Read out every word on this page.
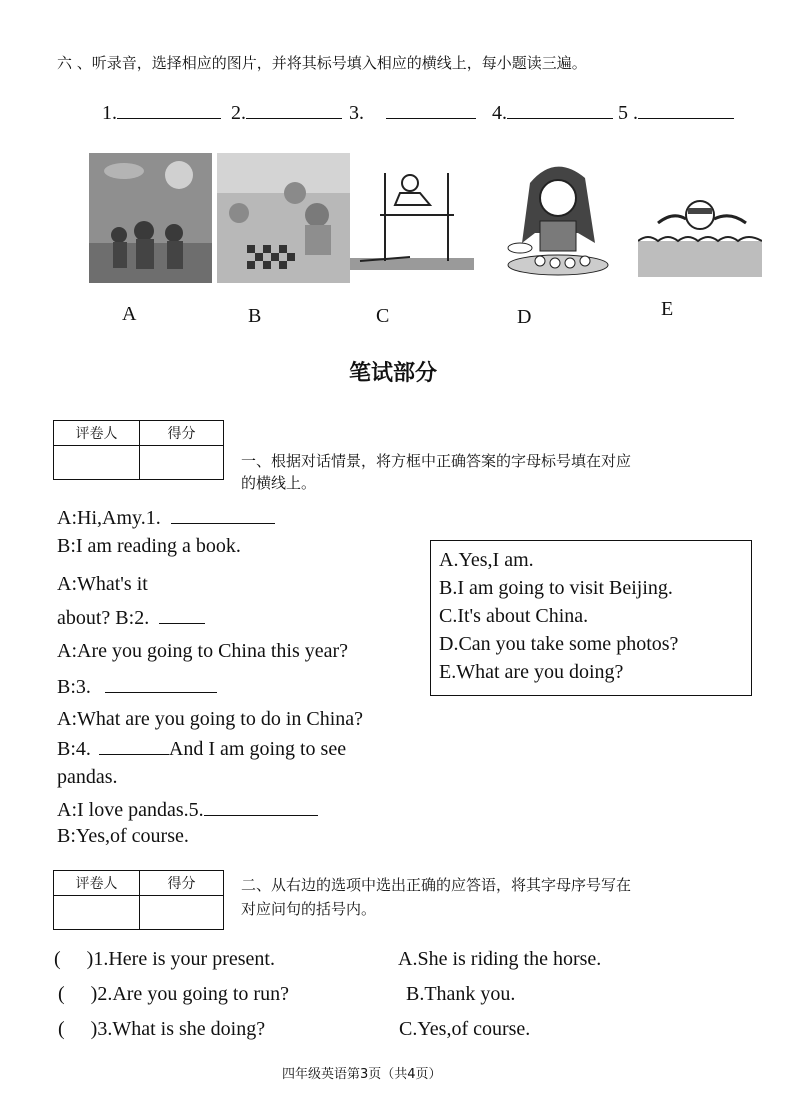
六 、听录音，选择相应的图片，并将其标号填入相应的横线上，每小题读三遍。
1.	2.	3.	4.	5 .
A	B	C	D	E
笔试部分
评卷人	得分

一、根据对话情景，将方框中正确答案的字母标号填在对应
的横线上。
A:Hi,Amy.1.
B:I am reading a book.
A:What's it
about? B:2.
A:Are you going to China this year?
B:3.
A:What are you going to do in China?
B:4.	And I am going to see
pandas.
A:I love pandas.5.
B:Yes,of course.
A.Yes,I am.
B.I am going to visit Beijing.
C.It's about China.
D.Can you take some photos?
E.What are you doing?
评卷人	得分
		二、从右边的选项中选出正确的应答语，将其字母序号写在
对应问句的括号内。
( )1.Here is your present.	A.She is riding the horse.
( )2.Are you going to run?	B.Thank you.
( )3.What is she doing?	C.Yes,of course.
四年级英语第3页（共4页）
